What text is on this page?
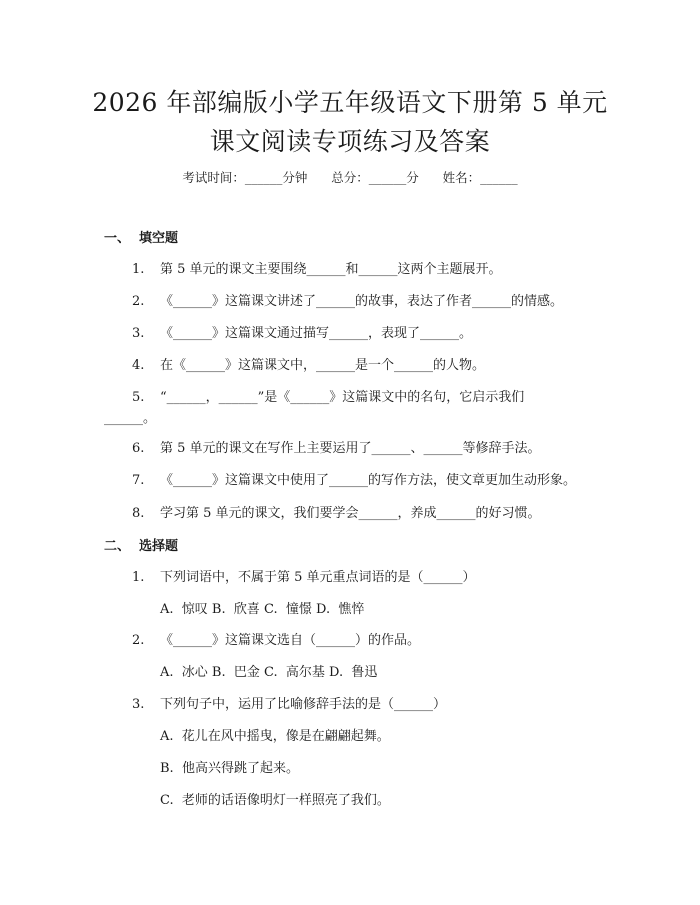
2026 年部编版小学五年级语文下册第 5 单元
课文阅读专项练习及答案
考试时间：______分钟      总分：______分      姓名：______
一、  填空题
1. 第 5 单元的课文主要围绕______和______这两个主题展开。
2. 《______》这篇课文讲述了______的故事，表达了作者______的情感。
3. 《______》这篇课文通过描写______，表现了______。
4. 在《______》这篇课文中，______是一个______的人物。
5. “______，______”是《______》这篇课文中的名句，它启示我们
______。
6. 第 5 单元的课文在写作上主要运用了______、______等修辞手法。
7. 《______》这篇课文中使用了______的写作方法，使文章更加生动形象。
8. 学习第 5 单元的课文，我们要学会______，养成______的好习惯。
二、  选择题
1. 下列词语中，不属于第 5 单元重点词语的是（______）
A.  惊叹 B.  欣喜 C.  憧憬 D.  憔悴
2. 《______》这篇课文选自（______）的作品。
A.  冰心 B.  巴金 C.  高尔基 D.  鲁迅
3. 下列句子中，运用了比喻修辞手法的是（______）
A.  花儿在风中摇曳，像是在翩翩起舞。
B.  他高兴得跳了起来。
C.  老师的话语像明灯一样照亮了我们。
